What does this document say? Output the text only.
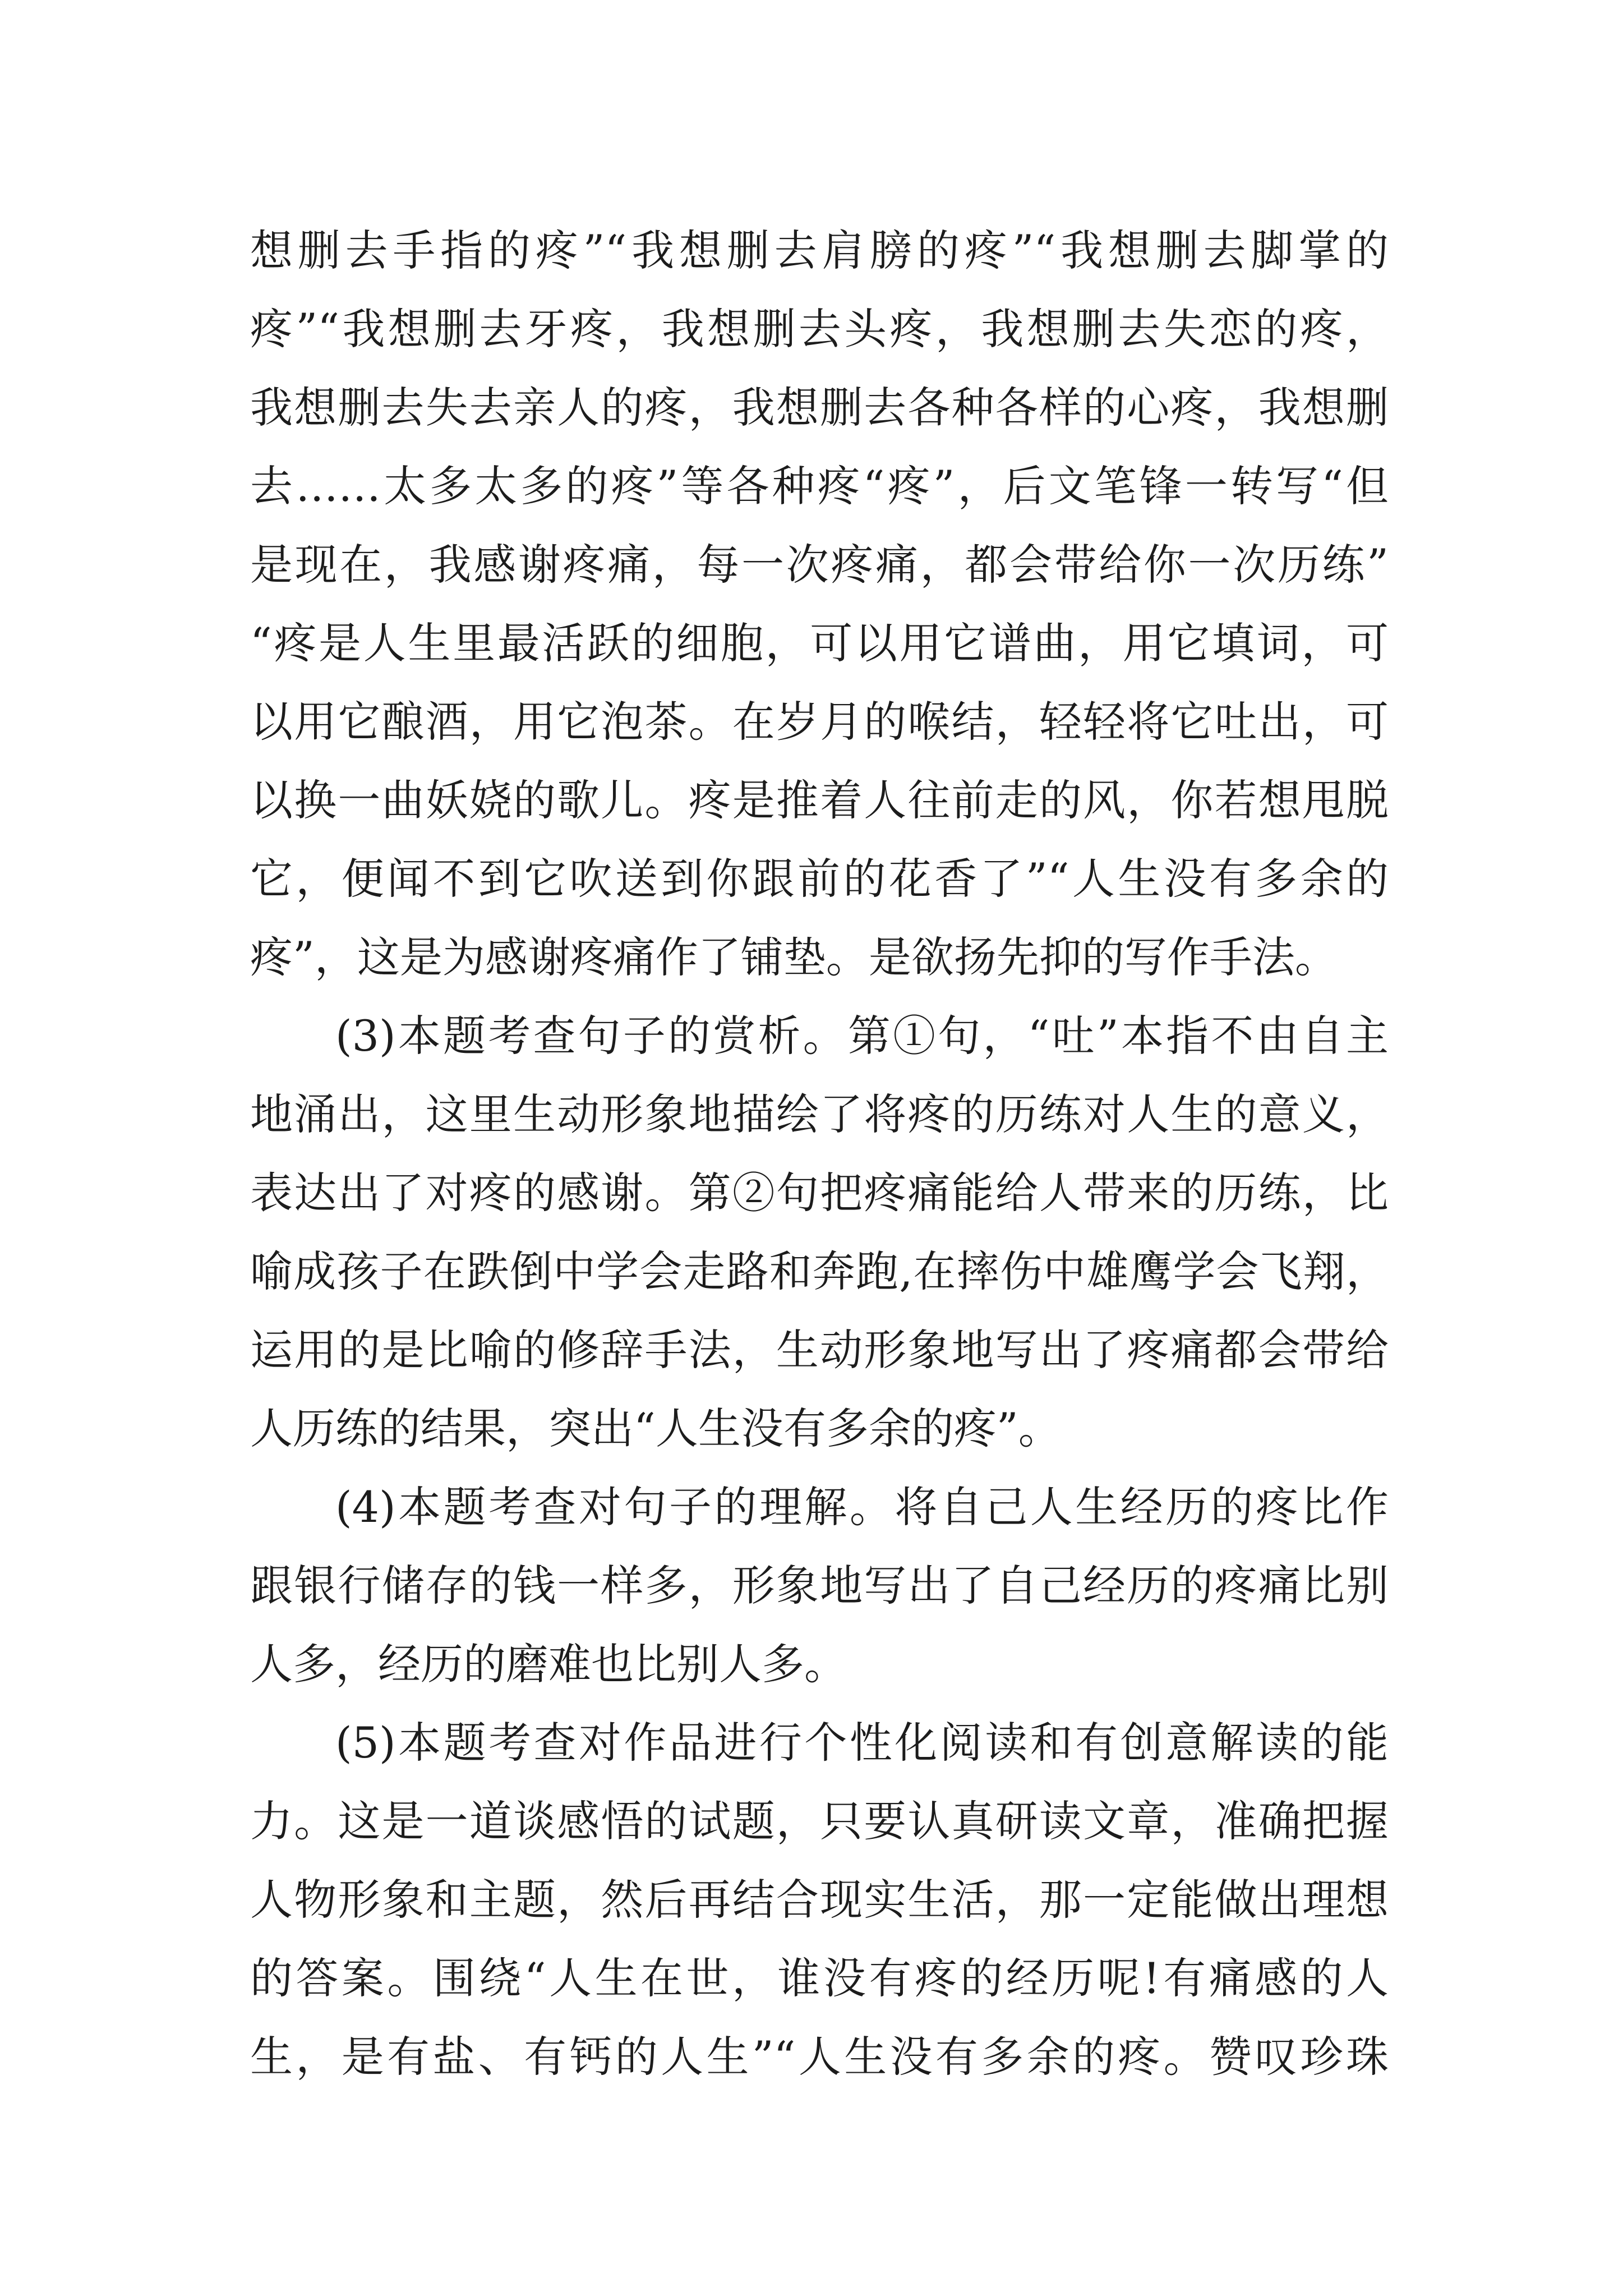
想删去手指的疼”“我想删去肩膀的疼”“我想删去脚掌的
疼”“我想删去牙疼，我想删去头疼，我想删去失恋的疼，
我想删去失去亲人的疼，我想删去各种各样的心疼，我想删
去……太多太多的疼”等各种疼“疼”，后文笔锋一转写“但
是现在，我感谢疼痛，每一次疼痛，都会带给你一次历练”
“疼是人生里最活跃的细胞，可以用它谱曲，用它填词，可
以用它酿酒，用它泡茶。在岁月的喉结，轻轻将它吐出，可
以换一曲妖娆的歌儿。疼是推着人往前走的风，你若想甩脱
它，便闻不到它吹送到你跟前的花香了”“人生没有多余的
疼”，这是为感谢疼痛作了铺垫。是欲扬先抑的写作手法。
(3)本题考查句子的赏析。第①句，“吐”本指不由自主
地涌出，这里生动形象地描绘了将疼的历练对人生的意义，
表达出了对疼的感谢。第②句把疼痛能给人带来的历练，比
喻成孩子在跌倒中学会走路和奔跑,在摔伤中雄鹰学会飞翔，
运用的是比喻的修辞手法，生动形象地写出了疼痛都会带给
人历练的结果，突出“人生没有多余的疼”。
(4)本题考查对句子的理解。将自己人生经历的疼比作
跟银行储存的钱一样多，形象地写出了自己经历的疼痛比别
人多，经历的磨难也比别人多。
(5)本题考查对作品进行个性化阅读和有创意解读的能
力。这是一道谈感悟的试题，只要认真研读文章，准确把握
人物形象和主题，然后再结合现实生活，那一定能做出理想
的答案。围绕“人生在世，谁没有疼的经历呢!有痛感的人
生，是有盐、有钙的人生”“人生没有多余的疼。赞叹珍珠
